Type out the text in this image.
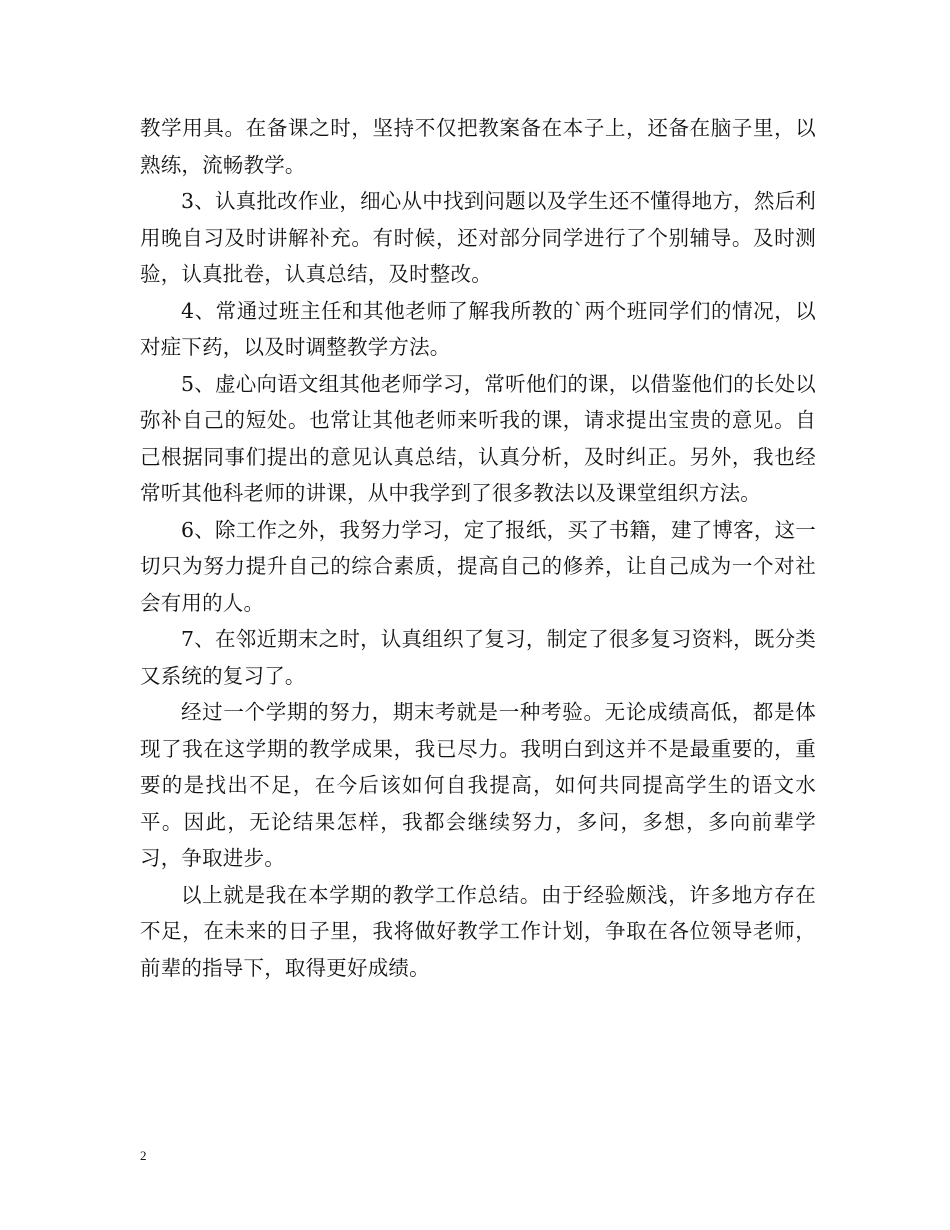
教学用具。在备课之时，坚持不仅把教案备在本子上，还备在脑子里，以熟练，流畅教学。

3、认真批改作业，细心从中找到问题以及学生还不懂得地方，然后利用晚自习及时讲解补充。有时候，还对部分同学进行了个别辅导。及时测验，认真批卷，认真总结，及时整改。

4、常通过班主任和其他老师了解我所教的`两个班同学们的情况，以对症下药，以及时调整教学方法。

5、虚心向语文组其他老师学习，常听他们的课，以借鉴他们的长处以弥补自己的短处。也常让其他老师来听我的课，请求提出宝贵的意见。自己根据同事们提出的意见认真总结，认真分析，及时纠正。另外，我也经常听其他科老师的讲课，从中我学到了很多教法以及课堂组织方法。

6、除工作之外，我努力学习，定了报纸，买了书籍，建了博客，这一切只为努力提升自己的综合素质，提高自己的修养，让自己成为一个对社会有用的人。

7、在邻近期末之时，认真组织了复习，制定了很多复习资料，既分类又系统的复习了。

经过一个学期的努力，期末考就是一种考验。无论成绩高低，都是体现了我在这学期的教学成果，我已尽力。我明白到这并不是最重要的，重要的是找出不足，在今后该如何自我提高，如何共同提高学生的语文水平。因此，无论结果怎样，我都会继续努力，多问，多想，多向前辈学习，争取进步。

以上就是我在本学期的教学工作总结。由于经验颇浅，许多地方存在不足，在未来的日子里，我将做好教学工作计划，争取在各位领导老师，前辈的指导下，取得更好成绩。

2
